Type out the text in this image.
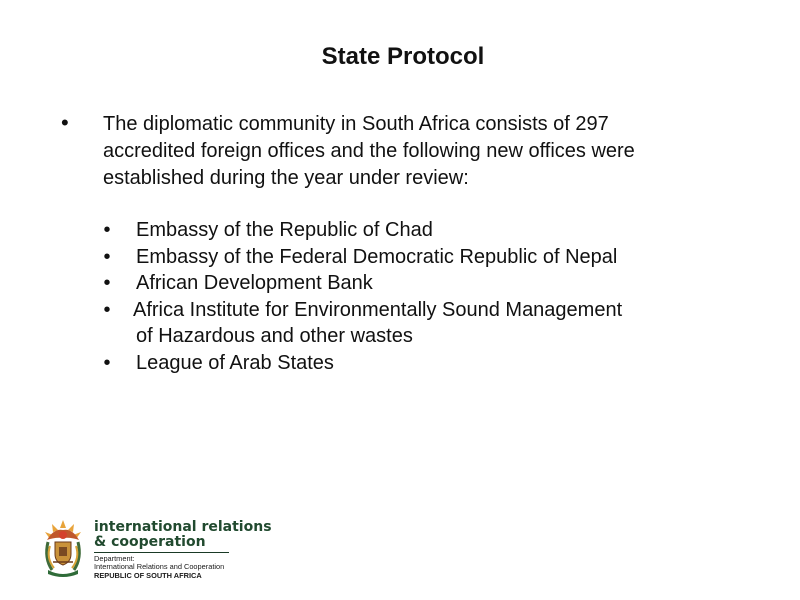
State Protocol
• The diplomatic community in South Africa consists of 297 accredited foreign offices and the following new offices were established during the year under review:

• Embassy of the Republic of Chad
• Embassy of the Federal Democratic Republic of Nepal
• African Development Bank
• Africa Institute for Environmentally Sound Management of Hazardous and other wastes
• League of Arab States
international relations
& cooperation
Department:
International Relations and Cooperation
REPUBLIC OF SOUTH AFRICA
